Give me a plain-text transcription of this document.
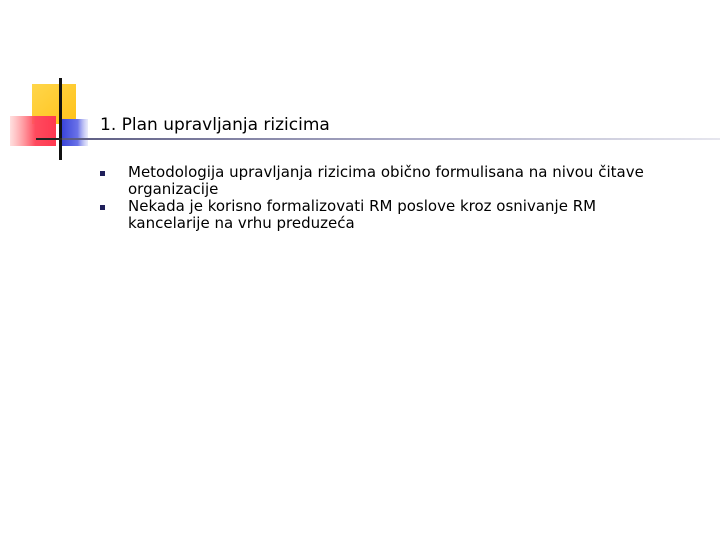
1. Plan upravljanja rizicima
Metodologija upravljanja rizicima obično formulisana na nivou čitave organizacije
Nekada je korisno formalizovati RM poslove kroz osnivanje RM kancelarije na vrhu preduzeća
